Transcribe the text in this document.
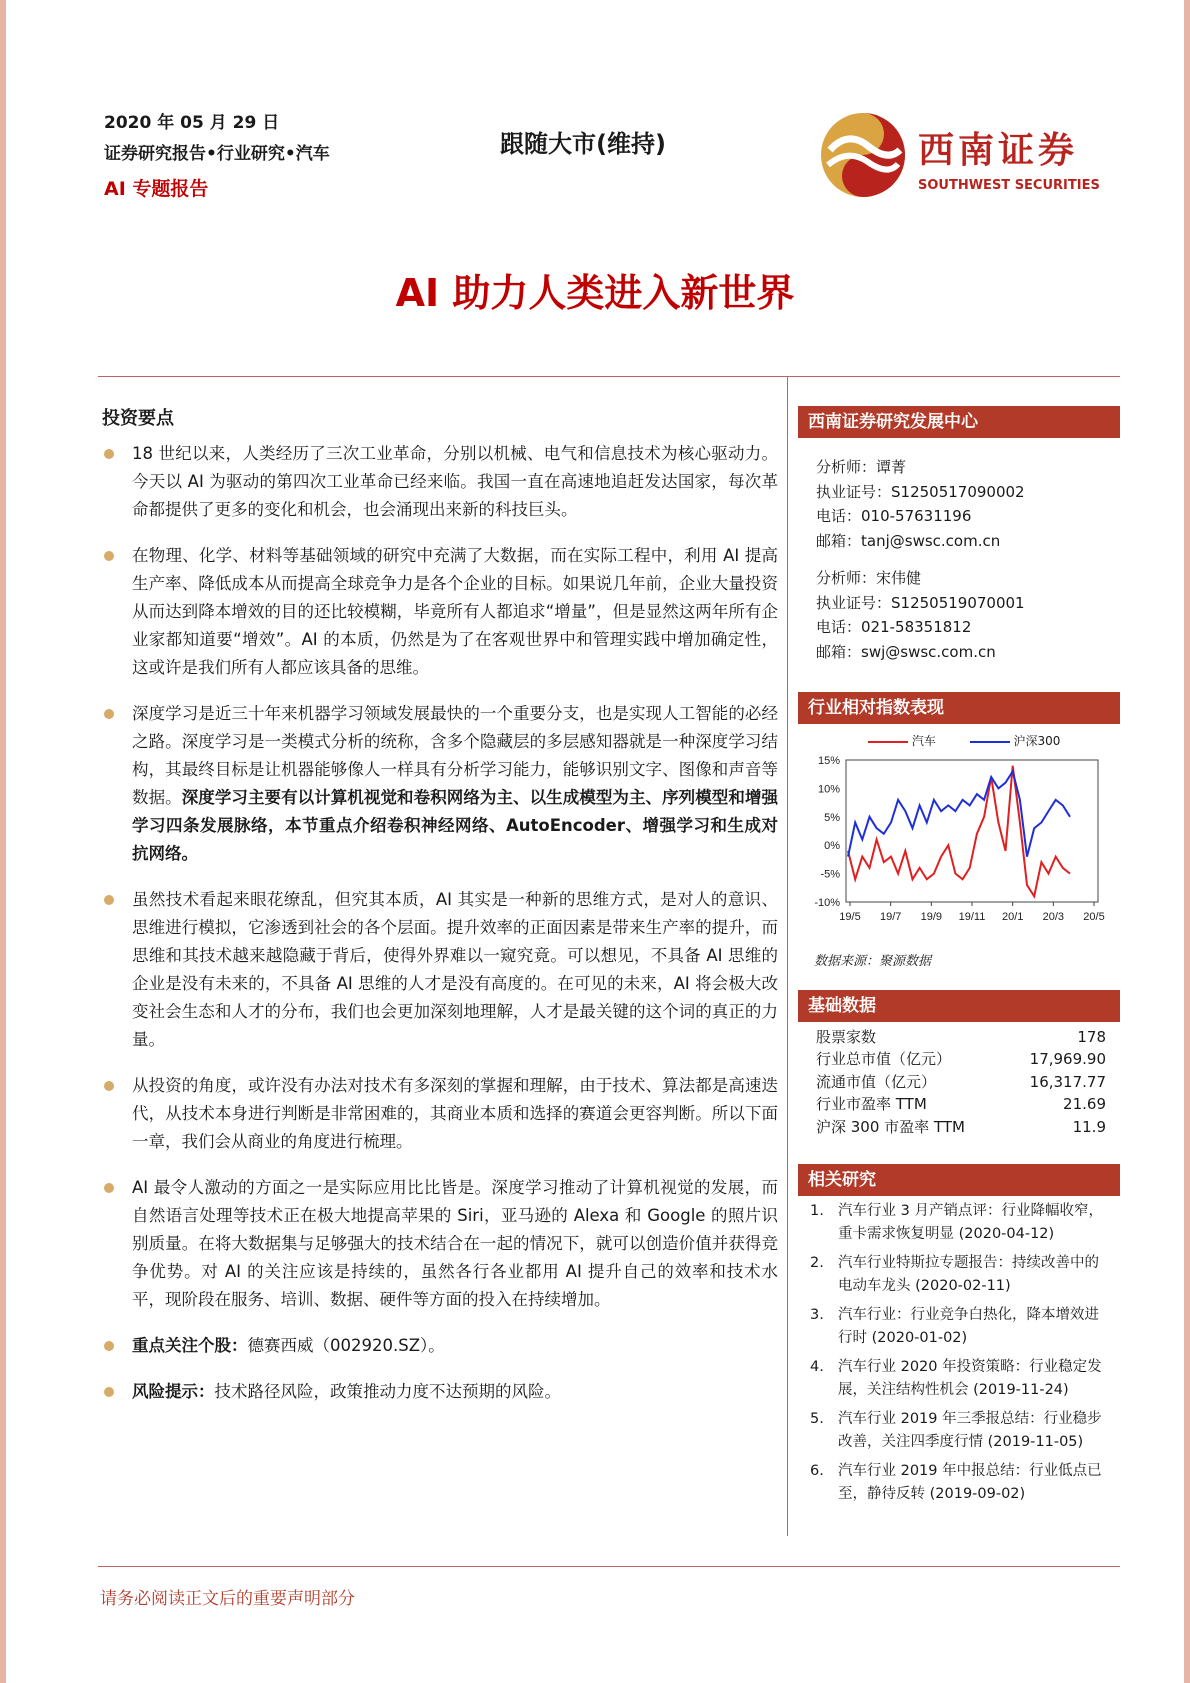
2020 年 05 月 29 日
证券研究报告•行业研究•汽车
AI 专题报告
跟随大市(维持)	西南证券
SOUTHWEST SECURITIES
AI 助力人类进入新世界
投资要点
18 世纪以来，人类经历了三次工业革命，分别以机械、电气和信息技术为核心驱动力。今天以 AI 为驱动的第四次工业革命已经来临。我国一直在高速地追赶发达国家，每次革命都提供了更多的变化和机会，也会涌现出来新的科技巨头。
在物理、化学、材料等基础领域的研究中充满了大数据，而在实际工程中，利用 AI 提高生产率、降低成本从而提高全球竞争力是各个企业的目标。如果说几年前，企业大量投资从而达到降本增效的目的还比较模糊，毕竟所有人都追求“增量”，但是显然这两年所有企业家都知道要“增效”。AI 的本质，仍然是为了在客观世界中和管理实践中增加确定性，这或许是我们所有人都应该具备的思维。
深度学习是近三十年来机器学习领域发展最快的一个重要分支，也是实现人工智能的必经之路。深度学习是一类模式分析的统称，含多个隐藏层的多层感知器就是一种深度学习结构，其最终目标是让机器能够像人一样具有分析学习能力，能够识别文字、图像和声音等数据。深度学习主要有以计算机视觉和卷积网络为主、以生成模型为主、序列模型和增强学习四条发展脉络，本节重点介绍卷积神经网络、AutoEncoder、增强学习和生成对抗网络。
虽然技术看起来眼花缭乱，但究其本质，AI 其实是一种新的思维方式，是对人的意识、思维进行模拟，它渗透到社会的各个层面。提升效率的正面因素是带来生产率的提升，而思维和其技术越来越隐藏于背后，使得外界难以一窥究竟。可以想见，不具备 AI 思维的企业是没有未来的，不具备 AI 思维的人才是没有高度的。在可见的未来，AI 将会极大改变社会生态和人才的分布，我们也会更加深刻地理解，人才是最关键的这个词的真正的力量。
从投资的角度，或许没有办法对技术有多深刻的掌握和理解，由于技术、算法都是高速迭代，从技术本身进行判断是非常困难的，其商业本质和选择的赛道会更容判断。所以下面一章，我们会从商业的角度进行梳理。
AI 最令人激动的方面之一是实际应用比比皆是。深度学习推动了计算机视觉的发展，而自然语言处理等技术正在极大地提高苹果的 Siri，亚马逊的 Alexa 和 Google 的照片识别质量。在将大数据集与足够强大的技术结合在一起的情况下，就可以创造价值并获得竞争优势。对 AI 的关注应该是持续的，虽然各行各业都用 AI 提升自己的效率和技术水平，现阶段在服务、培训、数据、硬件等方面的投入在持续增加。
重点关注个股：德赛西威（002920.SZ）。
风险提示：技术路径风险，政策推动力度不达预期的风险。
西南证券研究发展中心
分析师：谭菁
执业证号：S1250517090002
电话：010-57631196
邮箱：tanj@swsc.com.cn
分析师：宋伟健
执业证号：S1250519070001
电话：021-58351812
邮箱：swj@swsc.com.cn
行业相对指数表现
汽车	沪深300
15%
10%
5%
0%
-5%
-10%
19/5 19/7 19/9 19/11 20/1 20/3 20/5
数据来源：聚源数据
基础数据
股票家数	178
行业总市值（亿元）	17,969.90
流通市值（亿元）	16,317.77
行业市盈率 TTM	21.69
沪深 300 市盈率 TTM	11.9
相关研究
1. 汽车行业 3 月产销点评：行业降幅收窄，重卡需求恢复明显 (2020-04-12)
2. 汽车行业特斯拉专题报告：持续改善中的电动车龙头 (2020-02-11)
3. 汽车行业：行业竞争白热化，降本增效进行时 (2020-01-02)
4. 汽车行业 2020 年投资策略：行业稳定发展，关注结构性机会 (2019-11-24)
5. 汽车行业 2019 年三季报总结：行业稳步改善，关注四季度行情 (2019-11-05)
6. 汽车行业 2019 年中报总结：行业低点已至，静待反转 (2019-09-02)
请务必阅读正文后的重要声明部分
